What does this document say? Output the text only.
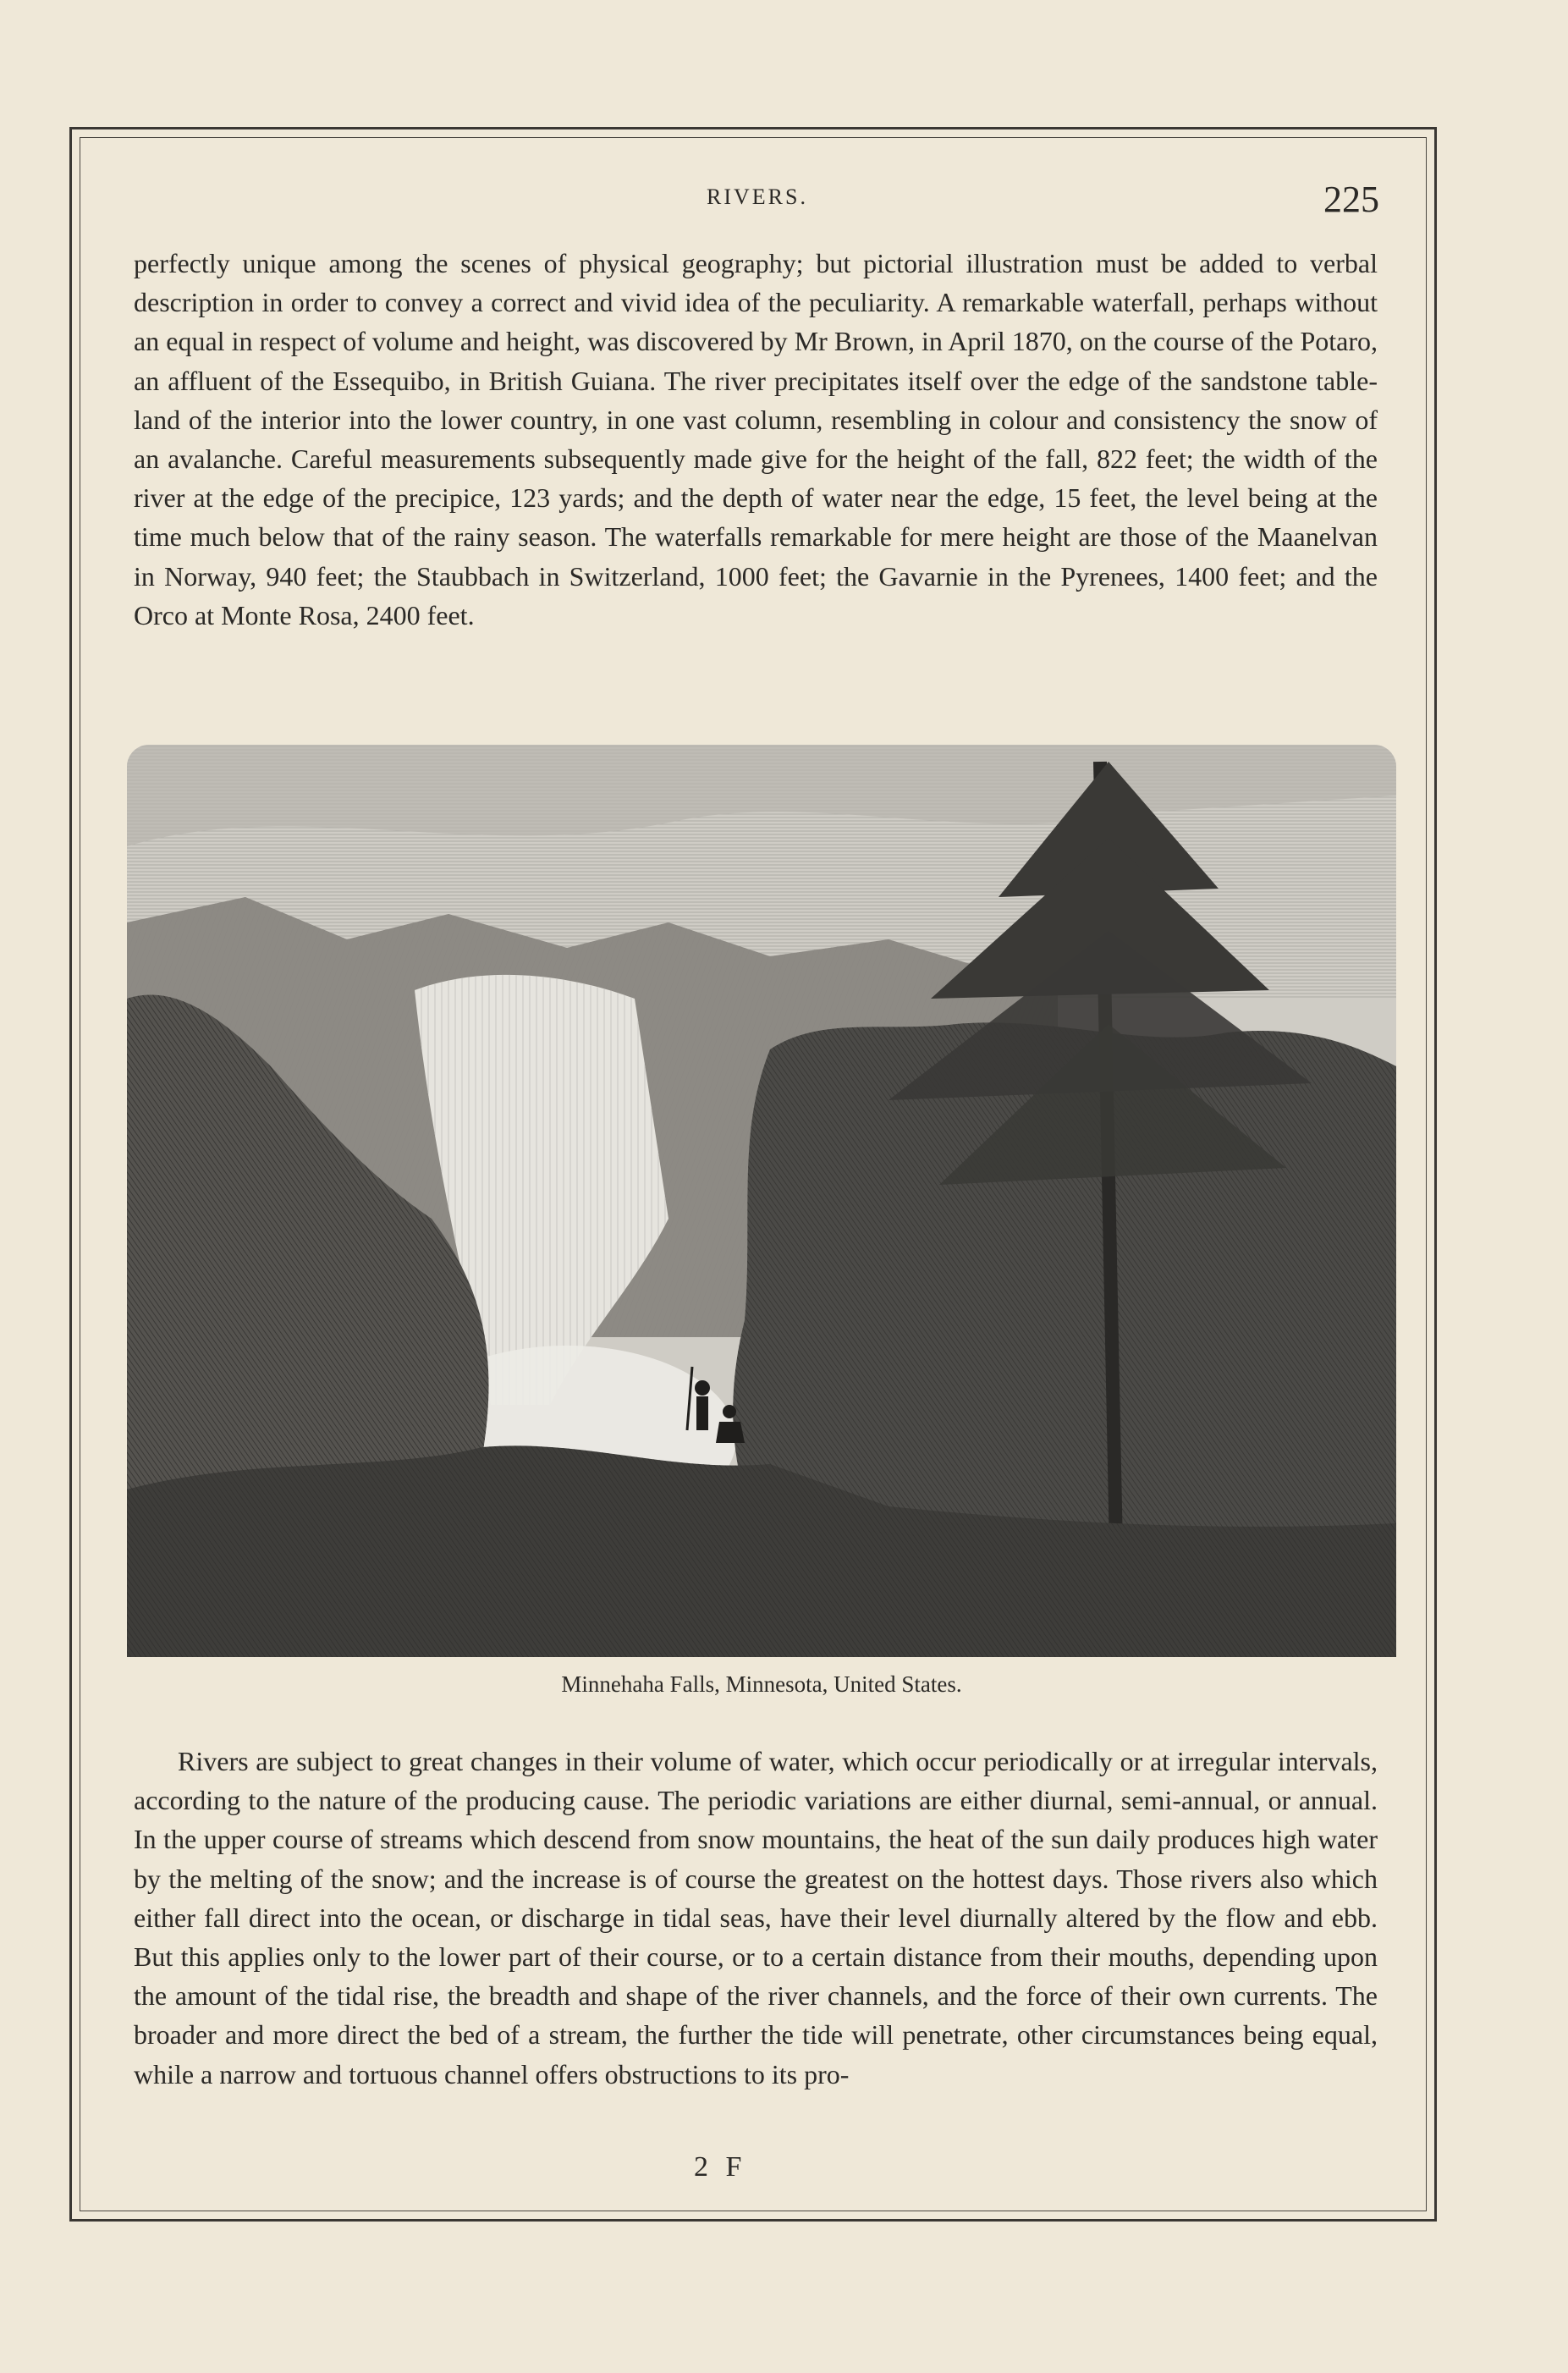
RIVERS.	225

perfectly unique among the scenes of physical geography; but pictorial illustration must be added to verbal description in order to convey a correct and vivid idea of the peculiarity. A remarkable waterfall, perhaps without an equal in respect of volume and height, was discovered by Mr Brown, in April 1870, on the course of the Potaro, an affluent of the Essequibo, in British Guiana. The river precipitates itself over the edge of the sandstone table-land of the interior into the lower country, in one vast column, resembling in colour and consistency the snow of an avalanche. Careful measurements subsequently made give for the height of the fall, 822 feet; the width of the river at the edge of the precipice, 123 yards; and the depth of water near the edge, 15 feet, the level being at the time much below that of the rainy season. The waterfalls remarkable for mere height are those of the Maanelvan in Norway, 940 feet; the Staubbach in Switzerland, 1000 feet; the Gavarnie in the Pyrenees, 1400 feet; and the Orco at Monte Rosa, 2400 feet.

Minnehaha Falls, Minnesota, United States.

Rivers are subject to great changes in their volume of water, which occur periodically or at irregular intervals, according to the nature of the producing cause. The periodic variations are either diurnal, semi-annual, or annual. In the upper course of streams which descend from snow mountains, the heat of the sun daily produces high water by the melting of the snow; and the increase is of course the greatest on the hottest days. Those rivers also which either fall direct into the ocean, or discharge in tidal seas, have their level diurnally altered by the flow and ebb. But this applies only to the lower part of their course, or to a certain distance from their mouths, depending upon the amount of the tidal rise, the breadth and shape of the river channels, and the force of their own currents. The broader and more direct the bed of a stream, the further the tide will penetrate, other circumstances being equal, while a narrow and tortuous channel offers obstructions to its pro-

2 F
